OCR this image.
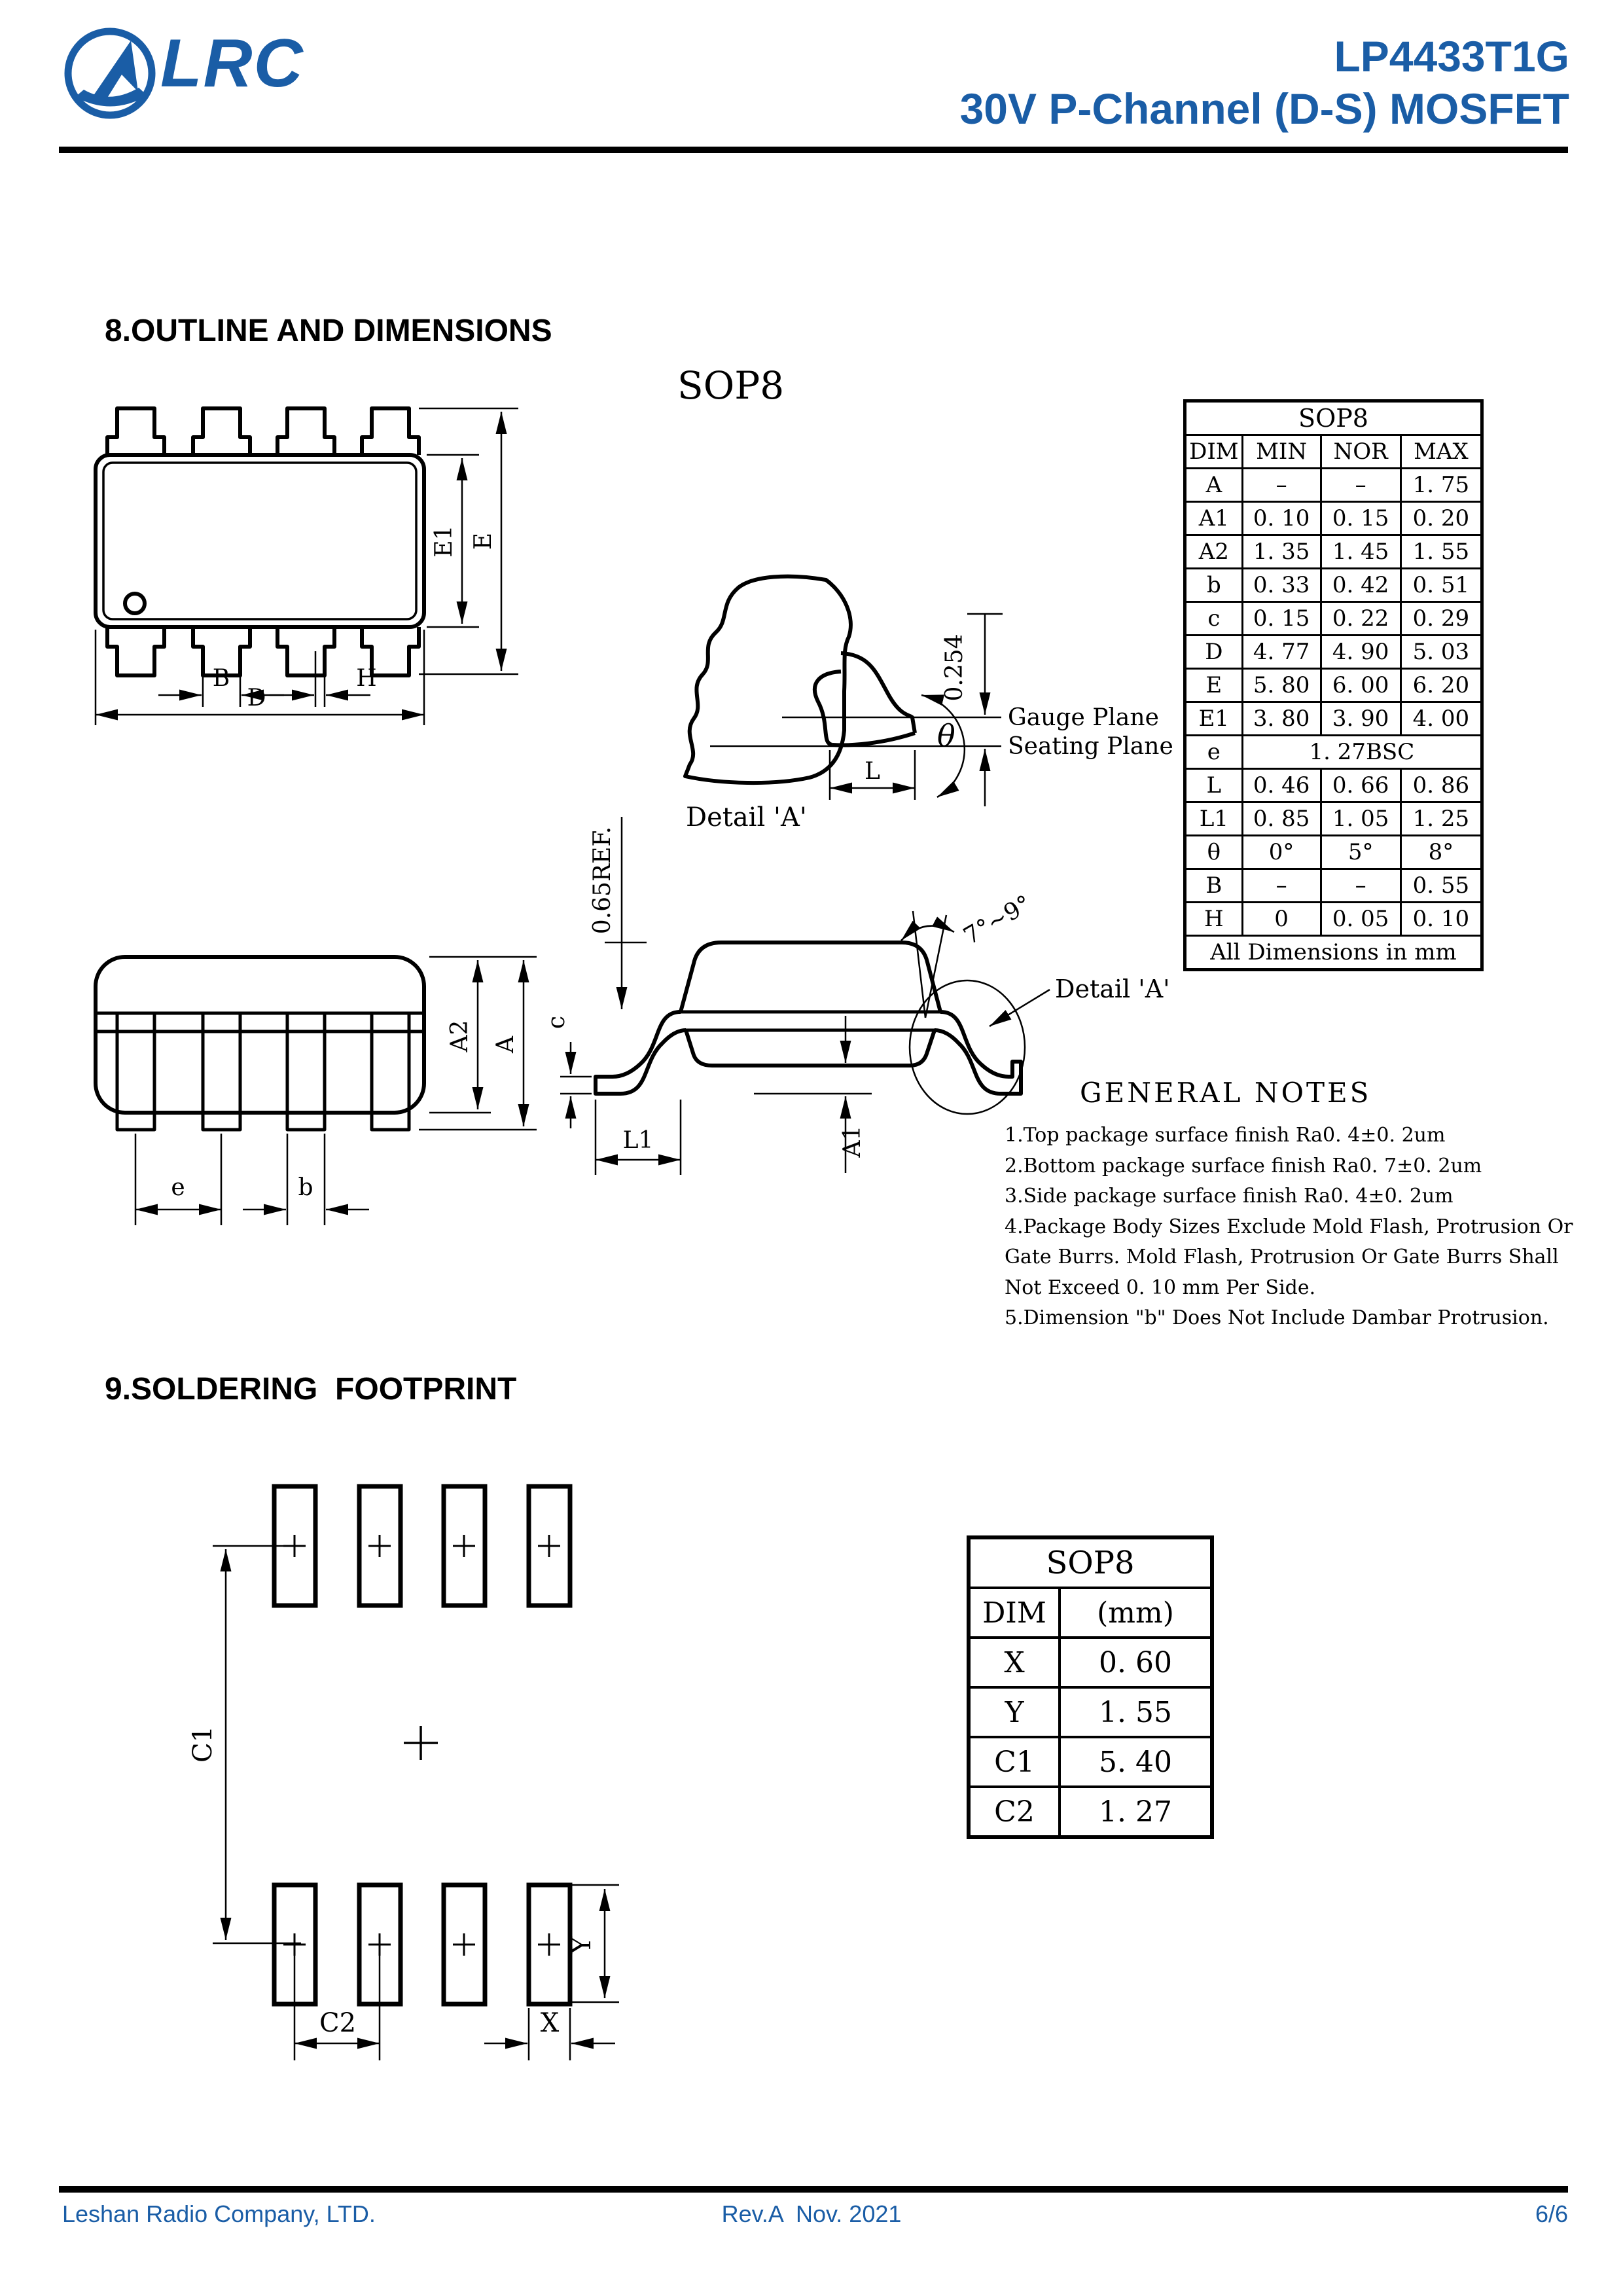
E1 E
B	H
D
A2 A
e	b
0.254
Gauge Plane
Seating Plane
L
θ
Detail 'A'
0.65REF.
c
L1	A1
7°~9°
Detail 'A'
C1
C2	X
Y
LRC	LP4433T1G
30V P-Channel (D-S) MOSFET
8.OUTLINE AND DIMENSIONS
SOP8
SOP8			
DIM	MIN	NOR	MAX
A	–	–	1. 75
A1	0. 10	0. 15	0. 20
A2	1. 35	1. 45	1. 55
b	0. 33	0. 42	0. 51
c	0. 15	0. 22	0. 29
D	4. 77	4. 90	5. 03
E	5. 80	6. 00	6. 20
E1	3. 80	3. 90	4. 00
e	1. 27BSC		
L	0. 46	0. 66	0. 86
L1	0. 85	1. 05	1. 25
θ	0°	5°	8°
B	–	–	0. 55
H	0	0. 05	0. 10
All Dimensions in mm			
GENERAL NOTES
1.Top package surface finish Ra0. 4±0. 2um
2.Bottom package surface finish Ra0. 7±0. 2um
3.Side package surface finish Ra0. 4±0. 2um
4.Package Body Sizes Exclude Mold Flash, Protrusion Or Gate Burrs. Mold Flash, Protrusion Or Gate Burrs Shall Not Exceed 0. 10 mm Per Side.
5.Dimension "b" Does Not Include Dambar Protrusion.
9.SOLDERING  FOOTPRINT
SOP8	
DIM	(mm)
X	0. 60
Y	1. 55
C1	5. 40
C2	1. 27
Leshan Radio Company, LTD.	Rev.A  Nov. 2021	6/6
